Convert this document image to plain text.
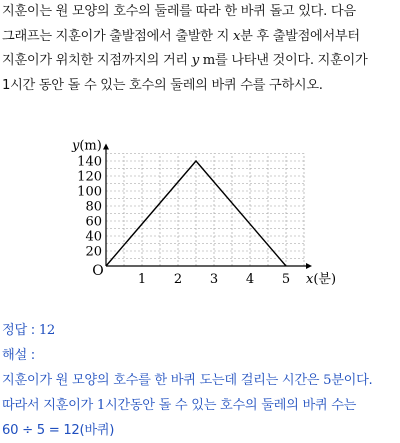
지훈이는 원 모양의 호수의 둘레를 따라 한 바퀴 돌고 있다. 다음
그래프는 지훈이가 출발점에서 출발한 지 x분 후 출발점에서부터
지훈이가 위치한 지점까지의 거리 y m를 나타낸 것이다. 지훈이가
1시간 동안 돌 수 있는 호수의 둘레의 바퀴 수를 구하시오.
20
40
60
80
100
120
140
1 2 3 4 5
O
y(m)
x(분)
정답 : 12
해설 :
지훈이가 원 모양의 호수를 한 바퀴 도는데 걸리는 시간은 5분이다.
따라서 지훈이가 1시간동안 돌 수 있는 호수의 둘레의 바퀴 수는
60 ÷ 5 = 12(바퀴)
